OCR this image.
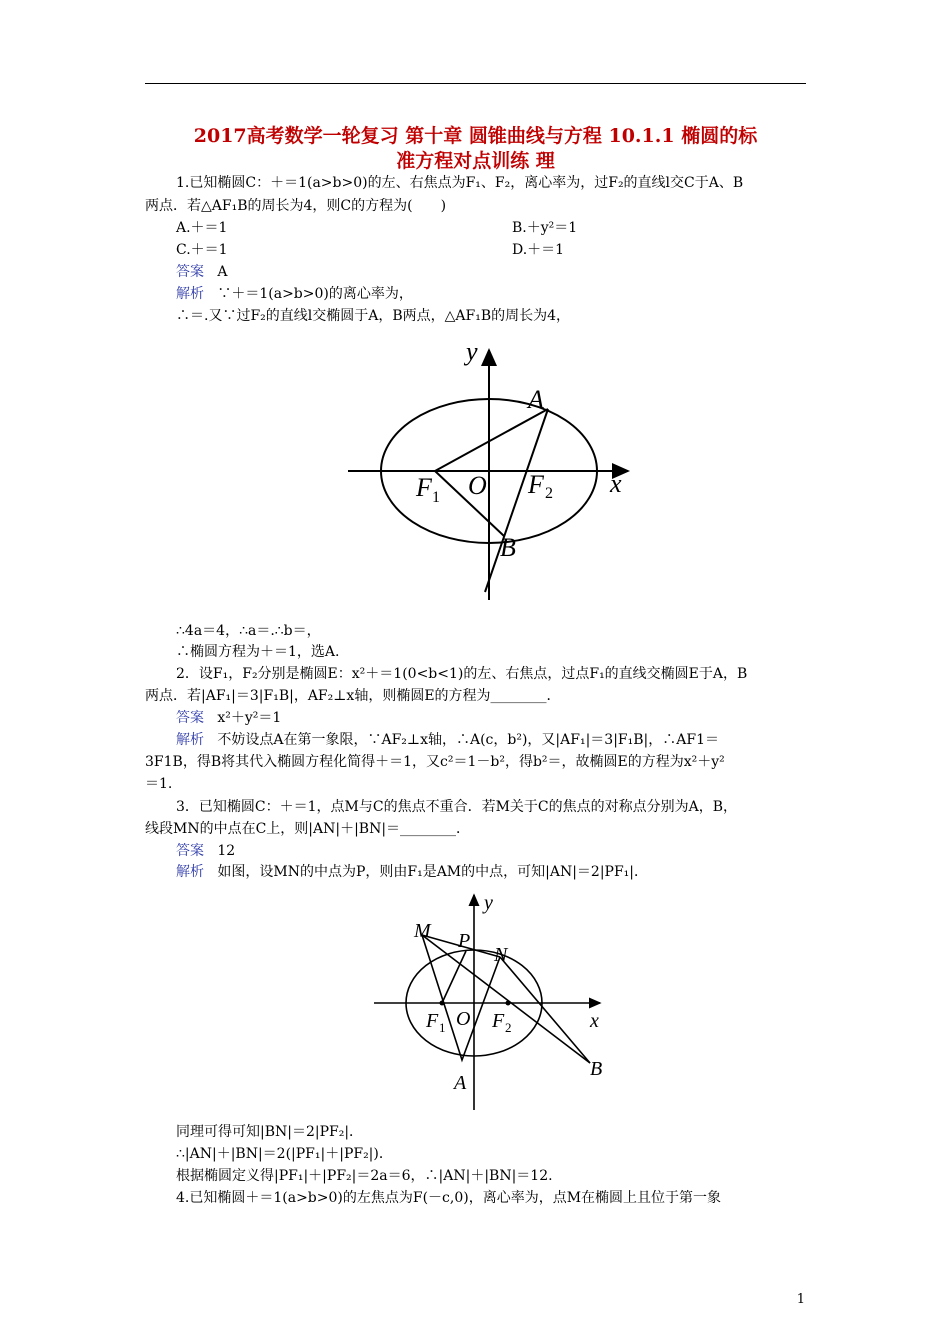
2017高考数学一轮复习 第十章 圆锥曲线与方程 10.1.1 椭圆的标
准方程对点训练 理
1.已知椭圆C：＋＝1(a>b>0)的左、右焦点为F₁、F₂，离心率为，过F₂的直线l交C于A、B
两点．若△AF₁B的周长为4，则C的方程为(　　)
A.＋＝1	B.＋y²＝1
C.＋＝1	D.＋＝1
答案 A
解析 ∵＋＝1(a>b>0)的离心率为，
∴＝.又∵过F₂的直线l交椭圆于A，B两点，△AF₁B的周长为4，
y
x
A
B
O
F	F
1	2
∴4a＝4，∴a＝.∴b＝，
∴椭圆方程为＋＝1，选A.
2．设F₁，F₂分别是椭圆E：x²＋＝1(0<b<1)的左、右焦点，过点F₁的直线交椭圆E于A，B
两点．若|AF₁|＝3|F₁B|，AF₂⊥x轴，则椭圆E的方程为________．
答案 x²＋y²＝1
解析 不妨设点A在第一象限，∵AF₂⊥x轴，∴A(c，b²)，又|AF₁|＝3|F₁B|，∴AF1＝
3F1B，得B将其代入椭圆方程化简得＋＝1，又c²＝1－b²，得b²＝，故椭圆E的方程为x²＋y²
＝1.
3．已知椭圆C：＋＝1，点M与C的焦点不重合．若M关于C的焦点的对称点分别为A，B，
线段MN的中点在C上，则|AN|＋|BN|＝________．
答案 12
解析 如图，设MN的中点为P，则由F₁是AM的中点，可知|AN|＝2|PF₁|．
y
x
M P
N
A
B
O
F	F
1	2
同理可得可知|BN|＝2|PF₂|．
∴|AN|＋|BN|＝2(|PF₁|＋|PF₂|)．
根据椭圆定义得|PF₁|＋|PF₂|＝2a＝6，∴|AN|＋|BN|＝12.
4.已知椭圆＋＝1(a>b>0)的左焦点为F(－c,0)，离心率为，点M在椭圆上且位于第一象
1
